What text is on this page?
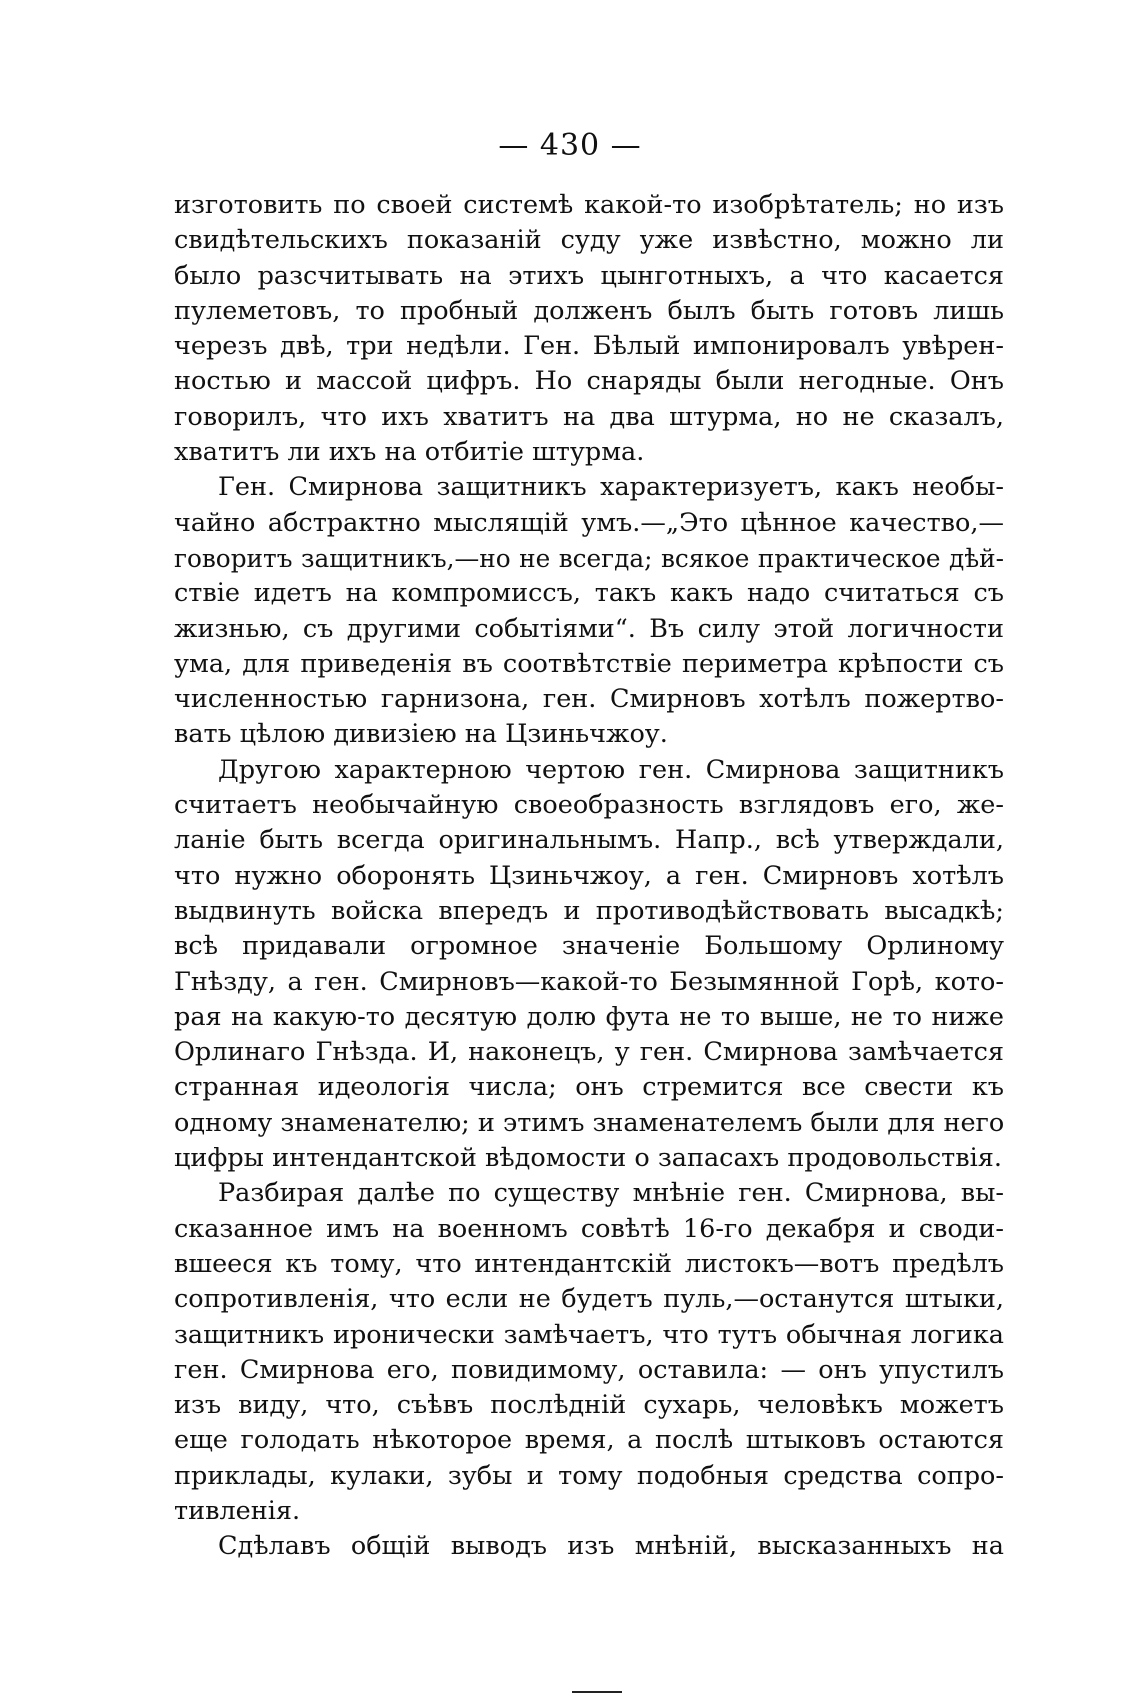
— 430 —
изготовить по своей системѣ какой-то изобрѣтатель; но изъ
свидѣтельскихъ показаній суду уже извѣстно, можно ли
было разсчитывать на этихъ цынготныхъ, а что касается
пулеметовъ, то пробный долженъ былъ быть готовъ лишь
черезъ двѣ, три недѣли. Ген. Бѣлый импонировалъ увѣрен-
ностью и массой цифръ. Но снаряды были негодные. Онъ
говорилъ, что ихъ хватитъ на два штурма, но не сказалъ,
хватитъ ли ихъ на отбитіе штурма.
Ген. Смирнова защитникъ характеризуетъ, какъ необы-
чайно абстрактно мыслящій умъ.—„Это цѣнное качество,—
говоритъ защитникъ,—но не всегда; всякое практическое дѣй-
ствіе идетъ на компромиссъ, такъ какъ надо считаться съ
жизнью, съ другими событіями“. Въ силу этой логичности
ума, для приведенія въ соотвѣтствіе периметра крѣпости съ
численностью гарнизона, ген. Смирновъ хотѣлъ пожертво-
вать цѣлою дивизіею на Цзиньчжоу.
Другою характерною чертою ген. Смирнова защитникъ
считаетъ необычайную своеобразность взглядовъ его, же-
ланіе быть всегда оригинальнымъ. Напр., всѣ утверждали,
что нужно оборонять Цзиньчжоу, а ген. Смирновъ хотѣлъ
выдвинуть войска впередъ и противодѣйствовать высадкѣ;
всѣ придавали огромное значеніе Большому Орлиному
Гнѣзду, а ген. Смирновъ—какой-то Безымянной Горѣ, кото-
рая на какую-то десятую долю фута не то выше, не то ниже
Орлинаго Гнѣзда. И, наконецъ, у ген. Смирнова замѣчается
странная идеологія числа; онъ стремится все свести къ
одному знаменателю; и этимъ знаменателемъ были для него
цифры интендантской вѣдомости о запасахъ продовольствія.
Разбирая далѣе по существу мнѣніе ген. Смирнова, вы-
сказанное имъ на военномъ совѣтѣ 16-го декабря и своди-
вшееся къ тому, что интендантскій листокъ—вотъ предѣлъ
сопротивленія, что если не будетъ пуль,—останутся штыки,
защитникъ иронически замѣчаетъ, что тутъ обычная логика
ген. Смирнова его, повидимому, оставила: — онъ упустилъ
изъ виду, что, съѣвъ послѣдній сухарь, человѣкъ можетъ
еще голодать нѣкоторое время, а послѣ штыковъ остаются
приклады, кулаки, зубы и тому подобныя средства сопро-
тивленія.
Сдѣлавъ общій выводъ изъ мнѣній, высказанныхъ на
